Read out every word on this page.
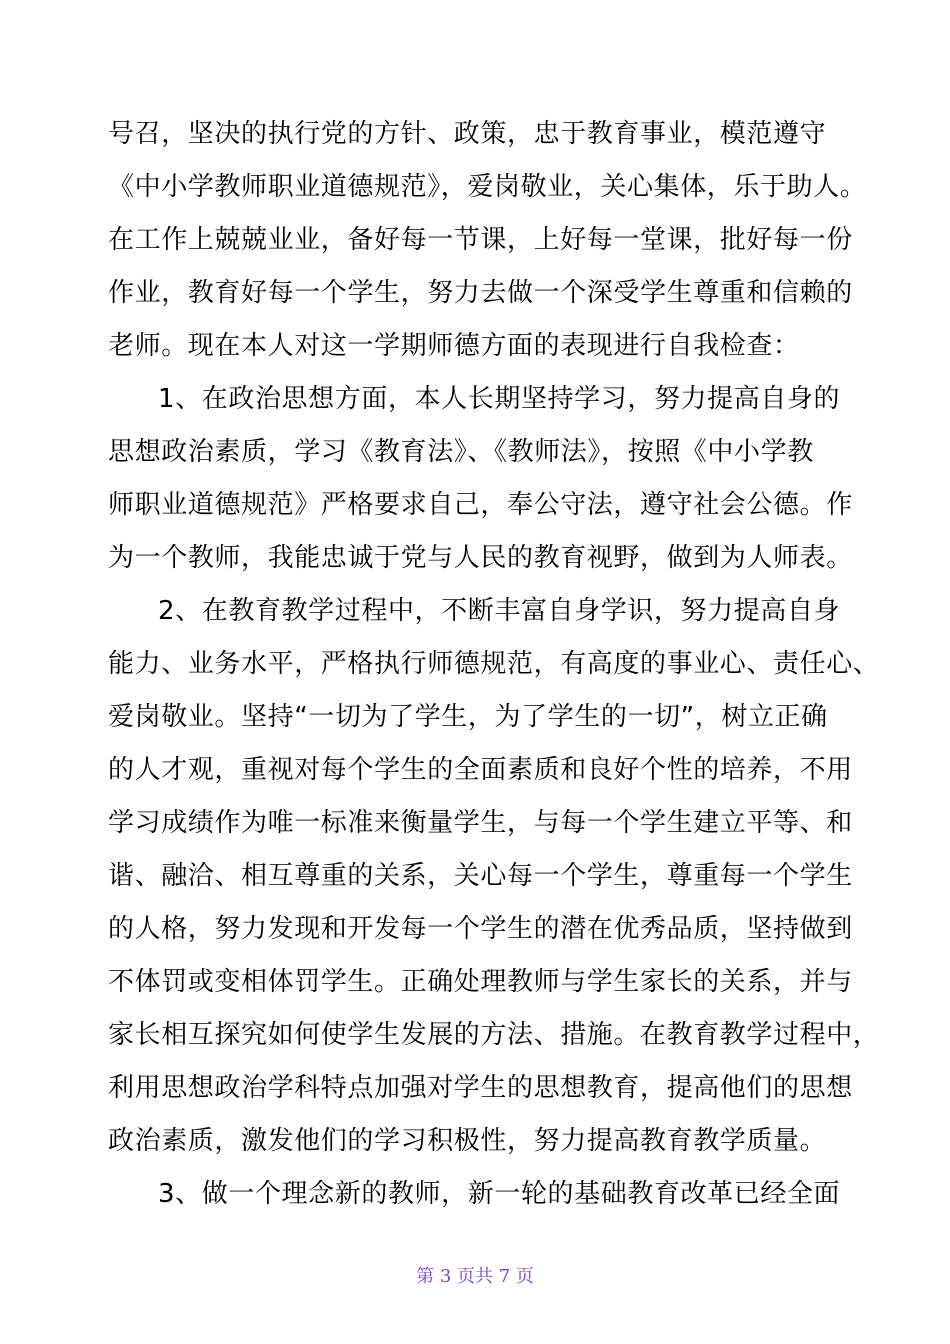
号召，坚决的执行党的方针、政策，忠于教育事业，模范遵守
《中小学教师职业道德规范》，爱岗敬业，关心集体，乐于助人。
在工作上兢兢业业，备好每一节课，上好每一堂课，批好每一份
作业，教育好每一个学生，努力去做一个深受学生尊重和信赖的
老师。现在本人对这一学期师德方面的表现进行自我检查：
1、在政治思想方面，本人长期坚持学习，努力提高自身的
思想政治素质，学习《教育法》、《教师法》，按照《中小学教
师职业道德规范》严格要求自己，奉公守法，遵守社会公德。作
为一个教师，我能忠诚于党与人民的教育视野，做到为人师表。
2、在教育教学过程中，不断丰富自身学识，努力提高自身
能力、业务水平，严格执行师德规范，有高度的事业心、责任心、
爱岗敬业。坚持“一切为了学生，为了学生的一切”，树立正确
的人才观，重视对每个学生的全面素质和良好个性的培养，不用
学习成绩作为唯一标准来衡量学生，与每一个学生建立平等、和
谐、融洽、相互尊重的关系，关心每一个学生，尊重每一个学生
的人格，努力发现和开发每一个学生的潜在优秀品质，坚持做到
不体罚或变相体罚学生。正确处理教师与学生家长的关系，并与
家长相互探究如何使学生发展的方法、措施。在教育教学过程中，
利用思想政治学科特点加强对学生的思想教育，提高他们的思想
政治素质，激发他们的学习积极性，努力提高教育教学质量。
3、做一个理念新的教师，新一轮的基础教育改革已经全面
第 3 页共 7 页
